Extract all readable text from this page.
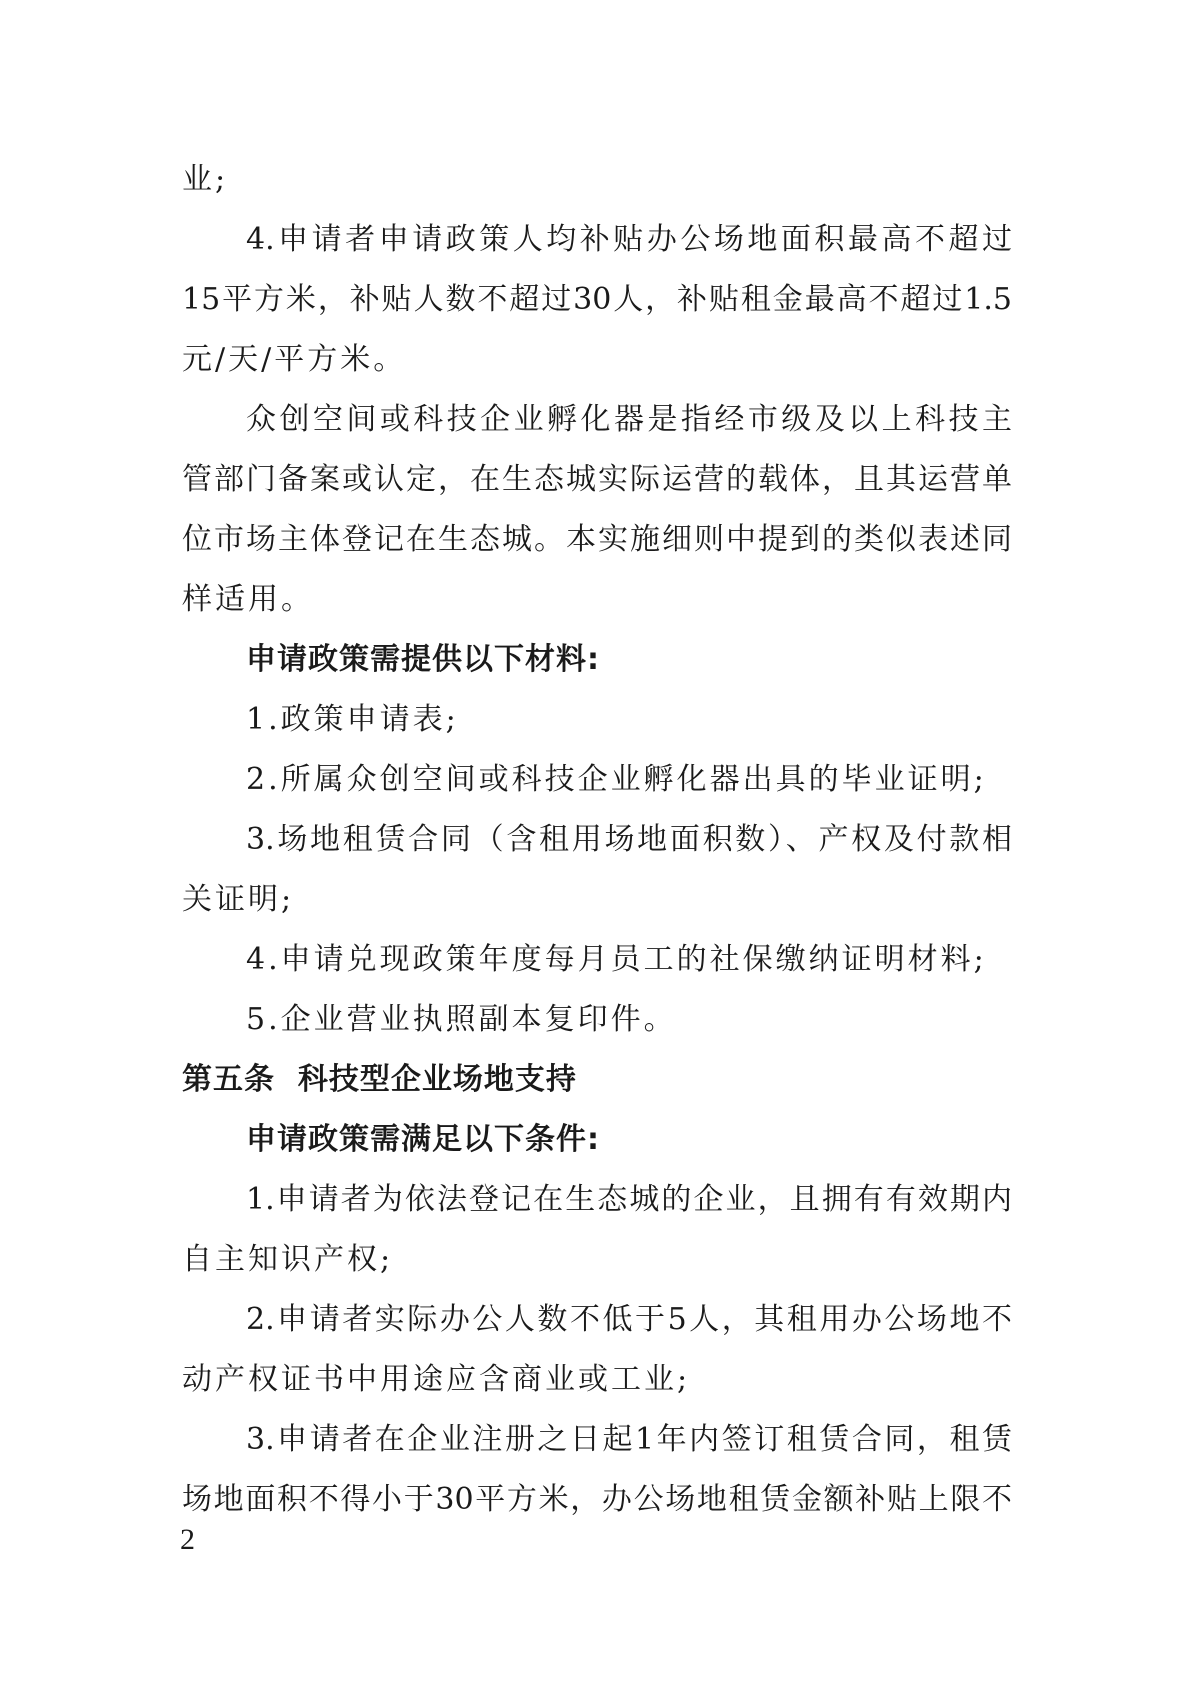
业;
4.申请者申请政策人均补贴办公场地面积最高不超过
15平方米，补贴人数不超过30人，补贴租金最高不超过1.5
元/天/平方米。
众创空间或科技企业孵化器是指经市级及以上科技主
管部门备案或认定，在生态城实际运营的载体，且其运营单
位市场主体登记在生态城。本实施细则中提到的类似表述同
样适用。
申请政策需提供以下材料:
1.政策申请表;
2.所属众创空间或科技企业孵化器出具的毕业证明;
3.场地租赁合同（含租用场地面积数）、产权及付款相
关证明;
4.申请兑现政策年度每月员工的社保缴纳证明材料;
5.企业营业执照副本复印件。
第五条  科技型企业场地支持
申请政策需满足以下条件:
1.申请者为依法登记在生态城的企业，且拥有有效期内
自主知识产权;
2.申请者实际办公人数不低于5人，其租用办公场地不
动产权证书中用途应含商业或工业;
3.申请者在企业注册之日起1年内签订租赁合同，租赁
场地面积不得小于30平方米，办公场地租赁金额补贴上限不
2
